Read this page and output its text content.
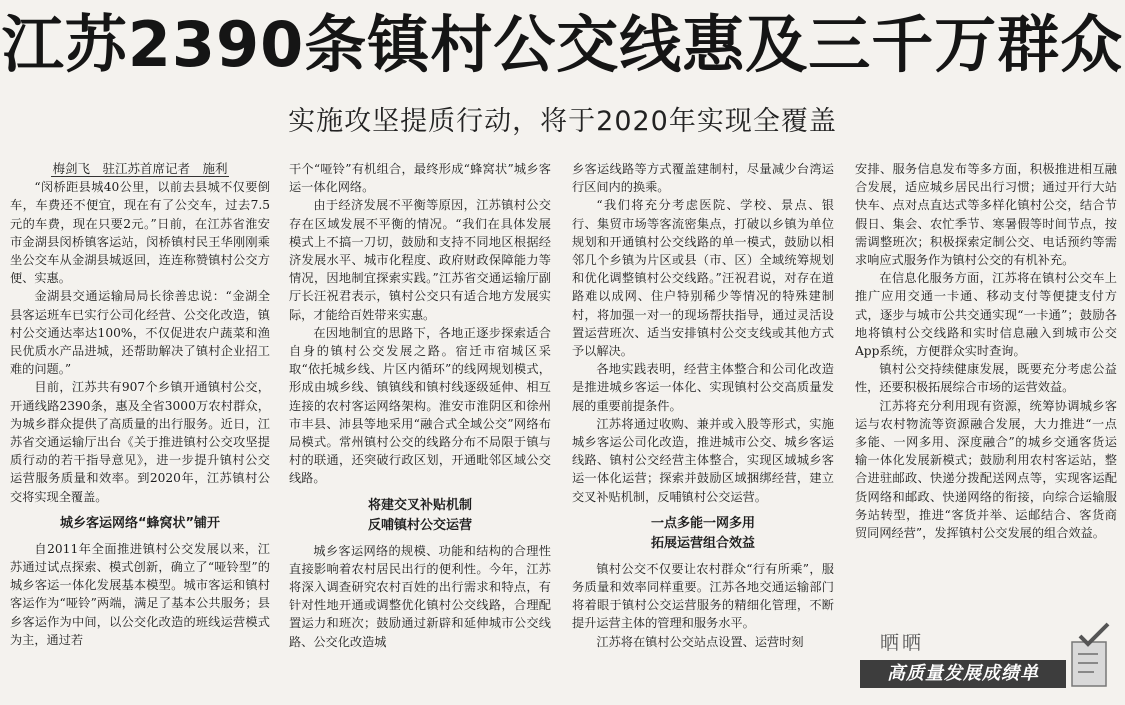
江苏2390条镇村公交线惠及三千万群众
实施攻坚提质行动，将于2020年实现全覆盖

梅剑飞　驻江苏首席记者　施利

“闵桥距县城40公里，以前去县城不仅要倒车，车费还不便宜，现在有了公交车，过去7.5元的车费，现在只要2元。”日前，在江苏省淮安市金湖县闵桥镇客运站，闵桥镇村民王华刚刚乘坐公交车从金湖县城返回，连连称赞镇村公交方便、实惠。

金湖县交通运输局局长徐善忠说：“金湖全县客运班车已实行公司化经营、公交化改造，镇村公交通达率达100%，不仅促进农户蔬菜和渔民优质水产品进城，还帮助解决了镇村企业招工难的问题。”

目前，江苏共有907个乡镇开通镇村公交，开通线路2390条，惠及全省3000万农村群众，为城乡群众提供了高质量的出行服务。近日，江苏省交通运输厅出台《关于推进镇村公交攻坚提质行动的若干指导意见》，进一步提升镇村公交运营服务质量和效率。到2020年，江苏镇村公交将实现全覆盖。

城乡客运网络“蜂窝状”铺开

自2011年全面推进镇村公交发展以来，江苏通过试点探索、模式创新，确立了“哑铃型”的城乡客运一体化发展基本模型。城市客运和镇村客运作为“哑铃”两端，满足了基本公共服务；县乡客运作为中间，以公交化改造的班线运营模式为主，通过若

干个“哑铃”有机组合，最终形成“蜂窝状”城乡客运一体化网络。

由于经济发展不平衡等原因，江苏镇村公交存在区域发展不平衡的情况。“我们在具体发展模式上不搞一刀切，鼓励和支持不同地区根据经济发展水平、城市化程度、政府财政保障能力等情况，因地制宜探索实践。”江苏省交通运输厅副厅长汪祝君表示，镇村公交只有适合地方发展实际，才能给百姓带来实惠。

在因地制宜的思路下，各地正逐步探索适合自身的镇村公交发展之路。宿迁市宿城区采取“依托城乡线、片区内循环”的线网规划模式，形成由城乡线、镇镇线和镇村线逐级延伸、相互连接的农村客运网络架构。淮安市淮阴区和徐州市丰县、沛县等地采用“融合式全域公交”网络布局模式。常州镇村公交的线路分布不局限于镇与村的联通，还突破行政区划，开通毗邻区域公交线路。

将建交叉补贴机制
反哺镇村公交运营

城乡客运网络的规模、功能和结构的合理性直接影响着农村居民出行的便利性。今年，江苏将深入调查研究农村百姓的出行需求和特点，有针对性地开通或调整优化镇村公交线路，合理配置运力和班次；鼓励通过新辟和延伸城市公交线路、公交化改造城

乡客运线路等方式覆盖建制村，尽量减少台湾运行区间内的换乘。

“我们将充分考虑医院、学校、景点、银行、集贸市场等客流密集点，打破以乡镇为单位规划和开通镇村公交线路的单一模式，鼓励以相邻几个乡镇为片区或县（市、区）全域统筹规划和优化调整镇村公交线路。”汪祝君说，对存在道路难以成网、住户特别稀少等情况的特殊建制村，将加强一对一的现场帮扶指导，通过灵活设置运营班次、适当安排镇村公交支线或其他方式予以解决。

各地实践表明，经营主体整合和公司化改造是推进城乡客运一体化、实现镇村公交高质量发展的重要前提条件。

江苏将通过收购、兼并或入股等形式，实施城乡客运公司化改造，推进城市公交、城乡客运线路、镇村公交经营主体整合，实现区域城乡客运一体化运营；探索并鼓励区域捆绑经营，建立交叉补贴机制，反哺镇村公交运营。

一点多能一网多用
拓展运营组合效益

镇村公交不仅要让农村群众“行有所乘”，服务质量和效率同样重要。江苏各地交通运输部门将着眼于镇村公交运营服务的精细化管理，不断提升运营主体的管理和服务水平。

江苏将在镇村公交站点设置、运营时刻

安排、服务信息发布等多方面，积极推进相互融合发展，适应城乡居民出行习惯；通过开行大站快车、点对点直达式等多样化镇村公交，结合节假日、集会、农忙季节、寒暑假等时间节点，按需调整班次；积极探索定制公交、电话预约等需求响应式服务作为镇村公交的有机补充。

在信息化服务方面，江苏将在镇村公交车上推广应用交通一卡通、移动支付等便捷支付方式，逐步与城市公共交通实现“一卡通”；鼓励各地将镇村公交线路和实时信息融入到城市公交App系统，方便群众实时查询。

镇村公交持续健康发展，既要充分考虑公益性，还要积极拓展综合市场的运营效益。

江苏将充分利用现有资源，统筹协调城乡客运与农村物流等资源融合发展，大力推进“一点多能、一网多用、深度融合”的城乡交通客货运输一体化发展新模式；鼓励利用农村客运站，整合进驻邮政、快递分拨配送网点等，实现客运配货网络和邮政、快递网络的衔接，向综合运输服务站转型，推进“客货并举、运邮结合、客货商贸同网经营”，发挥镇村公交发展的组合效益。

晒晒
高质量发展成绩单
